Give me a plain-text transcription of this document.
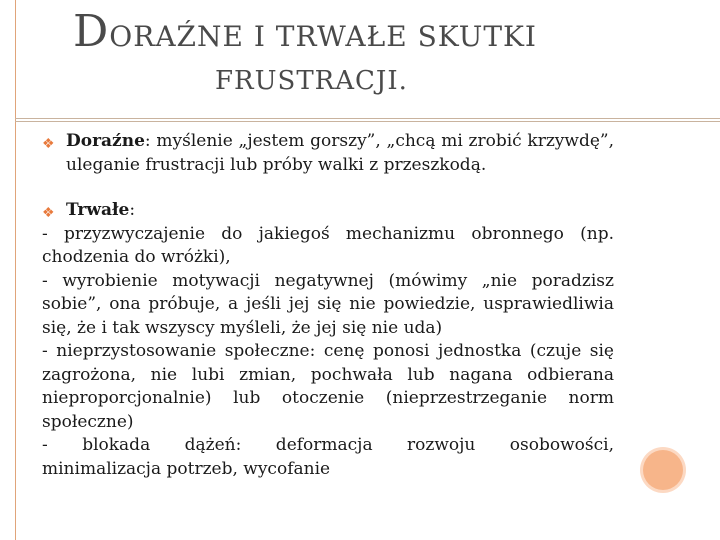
DORAŹNE I TRWAŁE SKUTKI
FRUSTRACJI.
❖ Doraźne: myślenie „jestem gorszy”, „chcą mi zrobić krzywdę”, uleganie frustracji lub próby walki z przeszkodą.
❖ Trwałe:
- przyzwyczajenie do jakiegoś mechanizmu obronnego (np. chodzenia do wróżki),
- wyrobienie motywacji negatywnej (mówimy „nie poradzisz sobie”, ona próbuje, a jeśli jej się nie powiedzie, usprawiedliwia się, że i tak wszyscy myśleli, że jej się nie uda)
- nieprzystosowanie społeczne: cenę ponosi jednostka (czuje się zagrożona, nie lubi zmian, pochwała lub nagana odbierana nieproporcjonalnie) lub otoczenie (nieprzestrzeganie norm społeczne)
- blokada dążeń: deformacja rozwoju osobowości,
minimalizacja potrzeb, wycofanie
